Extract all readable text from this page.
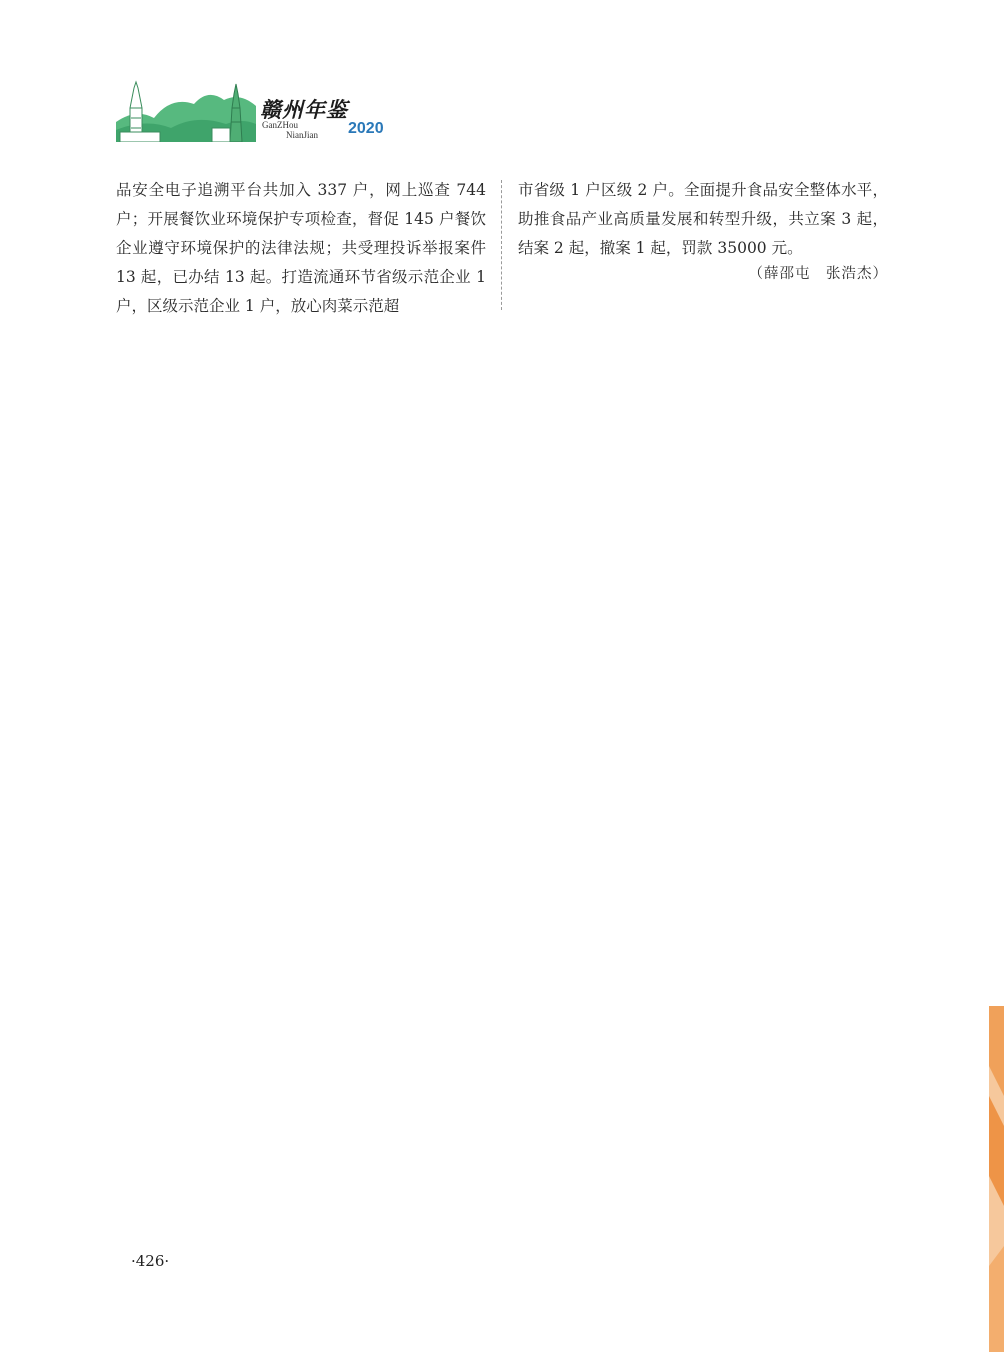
赣州年鉴
GanZHou
NianJian 2020

品安全电子追溯平台共加入 337 户，网上巡查 744 户；开展餐饮业环境保护专项检查，督促 145 户餐饮企业遵守环境保护的法律法规；共受理投诉举报案件 13 起，已办结 13 起。打造流通环节省级示范企业 1 户，区级示范企业 1 户，放心肉菜示范超

市省级 1 户区级 2 户。全面提升食品安全整体水平，助推食品产业高质量发展和转型升级，共立案 3 起，结案 2 起，撤案 1 起，罚款 35000 元。

（薛邵屯　张浩杰）
·426·
